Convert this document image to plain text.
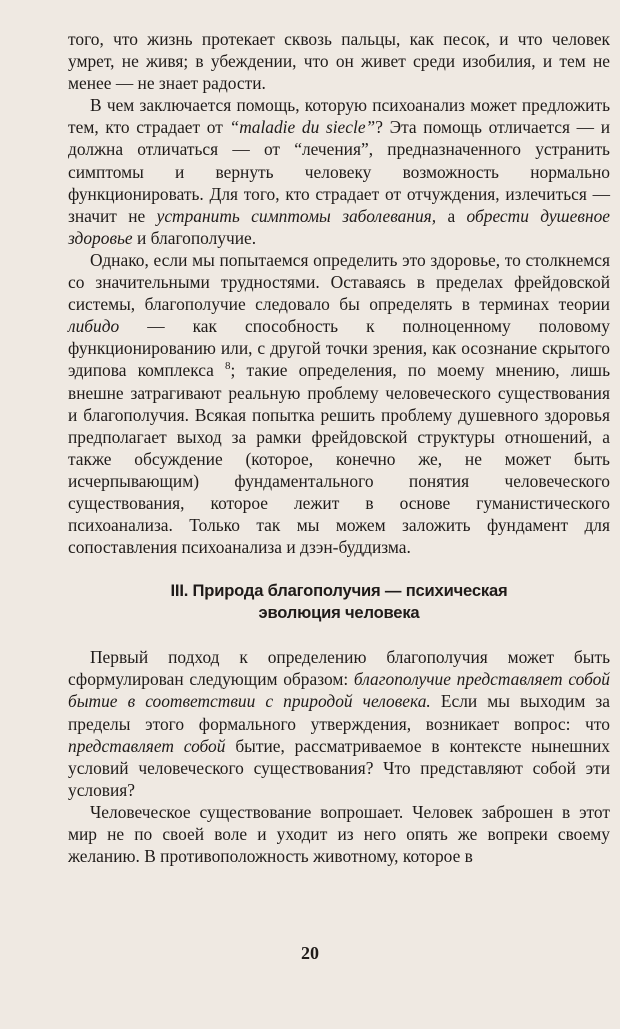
того, что жизнь протекает сквозь пальцы, как песок, и что человек умрет, не живя; в убеждении, что он живет среди изобилия, и тем не менее — не знает радости.

В чем заключается помощь, которую психоанализ может предложить тем, кто страдает от “maladie du siecle”? Эта помощь отличается — и должна отличаться — от “лечения”, предназначенного устранить симптомы и вернуть человеку возможность нормально функционировать. Для того, кто страдает от отчуждения, излечиться — значит не устранить симптомы заболевания, а обрести душевное здоровье и благополучие.

Однако, если мы попытаемся определить это здоровье, то столкнемся со значительными трудностями. Оставаясь в пределах фрейдовской системы, благополучие следовало бы определять в терминах теории либидо — как способность к полноценному половому функционированию или, с другой точки зрения, как осознание скрытого эдипова комплекса $^8$; такие определения, по моему мнению, лишь внешне затрагивают реальную проблему человеческого существования и благополучия. Всякая попытка решить проблему душевного здоровья предполагает выход за рамки фрейдовской структуры отношений, а также обсуждение (которое, конечно же, не может быть исчерпывающим) фундаментального понятия человеческого существования, которое лежит в основе гуманистического психоанализа. Только так мы можем заложить фундамент для сопоставления психоанализа и дзэн-буддизма.

III. Природа благополучия — психическая
эволюция человека

Первый подход к определению благополучия может быть сформулирован следующим образом: благополучие представляет собой бытие в соответствии с природой человека. Если мы выходим за пределы этого формального утверждения, возникает вопрос: что представляет собой бытие, рассматриваемое в контексте нынешних условий человеческого существования? Что представляют собой эти условия?

Человеческое существование вопрошает. Человек заброшен в этот мир не по своей воле и уходит из него опять же вопреки своему желанию. В противоположность животному, которое в

20
